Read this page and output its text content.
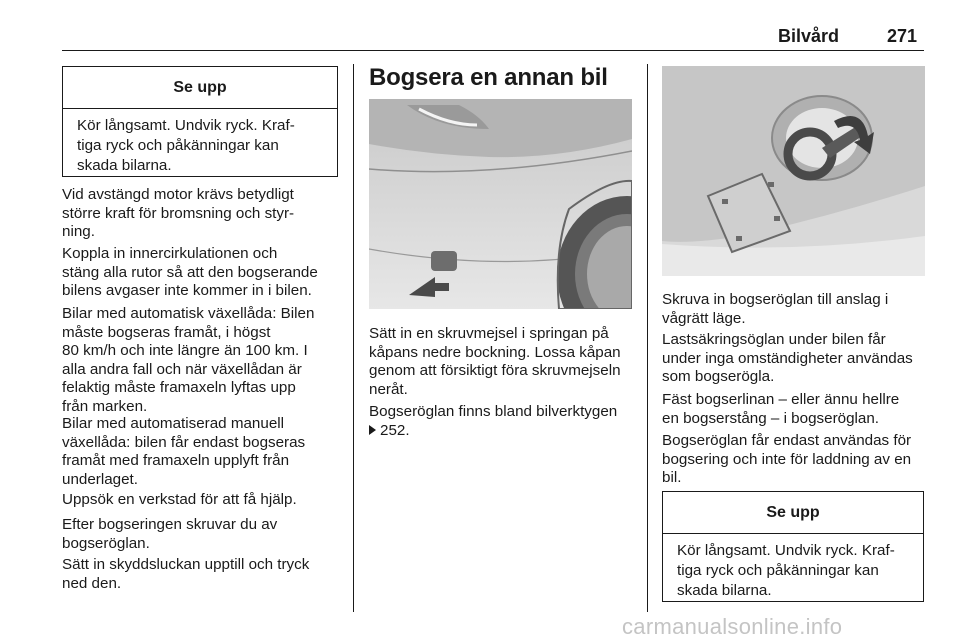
Bilvård	271
Se upp
Kör långsamt. Undvik ryck. Kraf-
tiga ryck och påkänningar kan
skada bilarna.

Vid avstängd motor krävs betydligt
större kraft för bromsning och styr-
ning.

Koppla in innercirkulationen och
stäng alla rutor så att den bogserande
bilens avgaser inte kommer in i bilen.

Bilar med automatisk växellåda: Bilen
måste bogseras framåt, i högst
80 km/h och inte längre än 100 km. I
alla andra fall och när växellådan är
felaktig måste framaxeln lyftas upp
från marken.

Bilar med automatiserad manuell
växellåda: bilen får endast bogseras
framåt med framaxeln upplyft från
underlaget.

Uppsök en verkstad för att få hjälp.

Efter bogseringen skruvar du av
bogseröglan.

Sätt in skyddsluckan upptill och tryck
ned den.

Bogsera en annan bil

Sätt in en skruvmejsel i springan på
kåpans nedre bockning. Lossa kåpan
genom att försiktigt föra skruvmejseln
neråt.

Bogseröglan finns bland bilverktygen
252.

Skruva in bogseröglan till anslag i
vågrätt läge.

Lastsäkringsöglan under bilen får
under inga omständigheter användas
som bogserögla.

Fäst bogserlinan – eller ännu hellre
en bogserstång – i bogseröglan.

Bogseröglan får endast användas för
bogsering och inte för laddning av en
bil.

Se upp
Kör långsamt. Undvik ryck. Kraf-
tiga ryck och påkänningar kan
skada bilarna.
carmanualsonline.info
